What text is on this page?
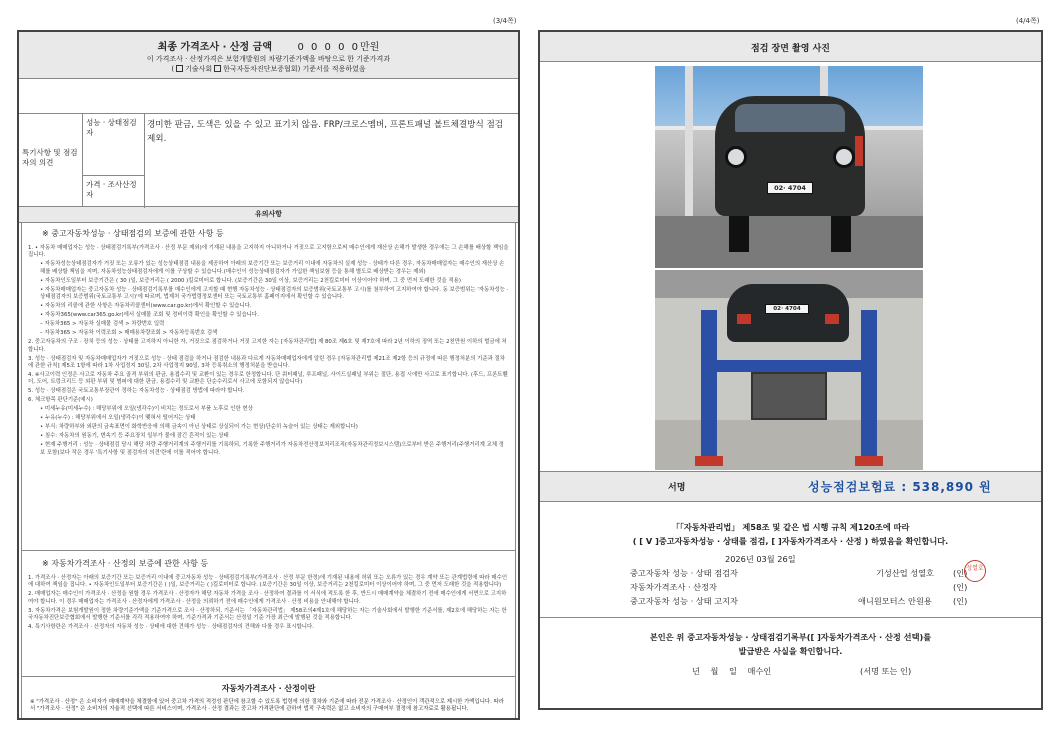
(3/4쪽)	(4/4쪽)
최종 가격조사 · 산정 금액	0 0 0 0 0만원
이 가격조사 · 산정가격은 보험개발원의 차량기준가액을 바탕으로 한 기준가격과
( 기술사회 한국자동차진단보증협회) 기준서를 적용하였음
특기사항 및 점검자의 의견
성능 · 상태점검자
경미한 판금, 도색은 있을 수 있고 표기치 않음. FRP/크로스멤버, 프론트패널 볼트체결방식 점검제외.
가격 · 조사산정자
유의사항
※ 중고자동차성능 · 상태점검의 보증에 관한 사항 등
1. • 자동차 매매업자는 성능 · 상태점검기록부(가격조사 · 산정 부문 제외)에 기재된 내용을 고지하지 아니하거나 거짓으로 고지함으로써 매수인에게 재산상 손해가 발생한 경우에는 그 손해를 배상할 책임을 집니다.
• 자동차성능상태점검자가 거짓 또는 오류가 있는 성능상태점검 내용을 제공하여 아래의 보증기간 또는 보증거리 이내에 자동차의 실제 성능 · 상태가 다른 경우, 자동차매매업자는 매수인의 재산상 손해를 배상할 책임을 지며, 자동차성능상태점검자에게 이를 구상할 수 있습니다.(매수인이 성능상태점검자가 가입한 책임보험 등을 통해 별도로 배상받는 경우는 제외)
• 자동차인도일부터 보증기간은 ( 30 )일, 보증거리는 ( 2000 )킬로미터로 합니다. (보증기간은 30일 이상, 보증거리는 2천킬로미터 이상이어야 하며, 그 중 먼저 도래한 것을 적용)
• 자동차매매업자는 중고자동차 성능 · 상태점검기록부를 매수인에게 고지할 때 현행 자동차성능 · 상태점검자의 보증범위(국토교통부 고시)를 첨부하여 고지하여야 합니다. 동 보증범위는 '자동차성능 · 상태점검자의 보증범위(국토교통부 고시)'에 따르며, 법제처 국가법령정보센터 또는 국토교통부 홈페이지에서 확인할 수 있습니다.
• 자동차의 리콜에 관한 사항은 자동차리콜센터(www.car.go.kr)에서 확인할 수 있습니다.
• 자동차365(www.car365.go.kr)에서 실매물 조회 및 정비이력 확인을 확인할 수 있습니다.
– 자동차365 > 자동차 실매물 검색 > 차량번호 입력
– 자동차365 > 자동차 이력조회 > 매매용차량조회 > 자동차등록번호 검색
2. 중고자동차의 구조 · 장치 등의 성능 · 상태를 고지하지 아니한 자, 거짓으로 점검하거나 거짓 고지한 자는 [자동차관리법] 제 80조 제6호 및 제7호에 따라 2년 이하의 징역 또는 2천만원 이하의 벌금에 처합니다.
3. 성능 · 상태점검자 및 자동차매매업자가 거짓으로 성능 · 상태 점검을 하거나 점검한 내용과 다르게 자동차매매업자에게 알린 경우 [자동차관리법 제21조 제2항 등의 규정에 따른 행정처분의 기준과 절차에 관한 규칙] 제5조 1항에 따라 1차 사업정지 30일, 2차 사업정지 90일, 3차 등록취소의 행정처분을 받습니다.
4. ※사고이력 인정은 사고로 자동차 주요 골격 부위의 판금, 용접수리 및 교환이 있는 경우로 한정합니다. 단 쿼터패널, 루프패널, 사이드실패널 부위는 절단, 용접 시에만 사고로 표기합니다. (후드, 프론트휀더, 도어, 트렁크리드 등 외판 부위 및 범퍼에 대한 판금, 용접수리 및 교환은 단순수리로서 사고에 포함되지 않습니다)
5. 성능 · 상태점검은 국토교통부장관이 정하는 자동차성능 · 상태점검 방법에 따라야 합니다.
6. 체크항목 판단기준(예시)
• 미세누유(미세누수) : 해당부위에 오일(냉각수)이 비치는 정도로서 부품 노후로 인한 현상
• 누유(누수) : 해당부위에서 오일(냉각수)이 맺혀서 떨어지는 상태
• 부식: 차량하부와 외판의 금속표면이 화학반응에 의해 금속이 아닌 상태로 상실되어 가는 현상(단순히 녹슬어 있는 상태는 제외합니다)
• 침수: 자동차의 원동기, 변속기 등 주요장치 일부가 물에 잠긴 흔적이 있는 상태
• 현재 주행거리 : 성능 · 상태점검 당시 해당 차량 주행거리계의 주행거리를 기록하되, 기록한 주행거리가 자동차전산정보처리조직(자동차관리정보시스템)으로부터 받은 주행거리(주행거리계 교체 정보 포함)보다 작은 경우 '특기사항 및 점검자의 의견'란에 이를 적어야 합니다.
※ 자동차가격조사 · 산정의 보증에 관한 사항 등
1. 가격조사 · 산정자는 아래의 보증기간 또는 보증거리 이내에 중고자동차 성능 · 상태점검기록부(가격조사 · 산정 부문 한정)에 기재된 내용에 허위 또는 오류가 있는 경우 계약 또는 관계법령에 따라 매수인에 대하여 책임을 집니다. • 자동차인도일부터 보증기간은 ( )일, 보증거리는 ( )킬로미터로 합니다. (보증기간은 30일 이상, 보증거리는 2천킬로미터 이상이어야 하며, 그 중 먼저 도래한 것을 적용합니다)
2. 매매업자는 매수인이 가격조사 · 산정을 원할 경우 가격조사 · 산정자가 해당 자동차 가격을 조사 · 산정하여 결과를 이 서식에 적도록 한 후, 반드시 매매계약을 체결하기 전에 매수인에게 서면으로 고지하여야 합니다. 이 경우 매매업자는 가격조사 · 산정자에게 가격조사 · 산정을 의뢰하기 전에 매수인에게 가격조사 · 산정 비용을 안내해야 합니다.
3. 자동차가격은 보험개발원이 정한 차량기준가액을 기준가격으로 조사 · 산정하되, 기준서는 「자동차관리법」 제58조의4제1호에 해당하는 자는 기술사회에서 발행한 기준서를, 제2호에 해당하는 자는 한국자동차진단보증협회에서 발행한 기준서를 각각 적용하여야 하며, 기준가격과 기준서는 산정일 기준 가장 최근에 발행된 것을 적용합니다.
4. 특기사항란은 가격조사 · 산정자의 자동차 성능 · 상태에 대한 견해가 성능 · 상태점검자의 견해와 다를 경우 표시합니다.
자동차가격조사 · 산정이란
※ "가격조사 · 산정" 은 소비자가 매매계약을 체결함에 있어 중고차 가격의 적정성 판단에 참고할 수 있도록 법령에 의한 절차와 기준에 따라 전문 가격조사 · 산정인이 객관적으로 제시한 가액입니다. 따라서 "가격조사 · 산정" 은 소비자의 자율적 선택에 따른 서비스이며, 가격조사 · 산정 결과는 중고차 가격판단에 관하여 법적 구속력은 없고 소비자의 구매여부 결정에 참고자료로 활용됩니다.
점검 장면 촬영 사진
02· 4704
02· 4704
서명	성능점검보험료 : 538,890 원
「「자동차관리법」 제58조 및 같은 법 시행 규칙 제120조에 따라
( [ V ]중고자동차성능 · 상태를 점검, [ ]자동차가격조사 · 산정 ) 하였음을 확인합니다.
2026년 03월 26일
중고자동차 성능 · 상태 점검자	기성산업 성열호 (인)
성열호
자동차가격조사 · 산정자	(인)
중고자동차 성능 · 상태 고지자	애니원모터스 안원용	(인)
본인은 위 중고자동차성능 · 상태점검기록부([ ]자동차가격조사 · 산정 선택)를
발급받은 사실을 확인합니다.
년 월 일 매수인	(서명 또는 인)
